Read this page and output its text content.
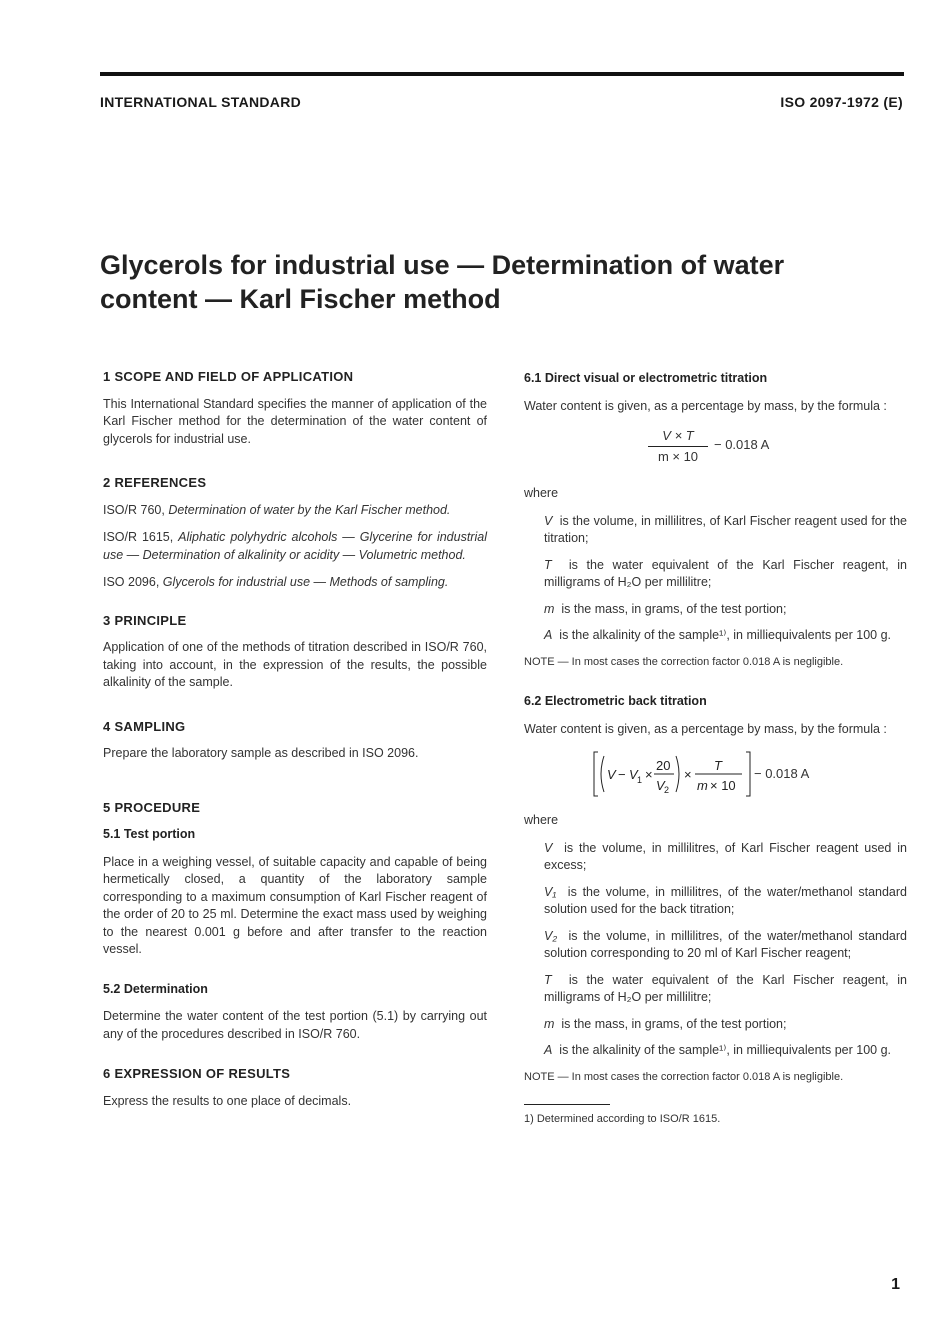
INTERNATIONAL STANDARD	ISO 2097-1972 (E)
Glycerols for industrial use — Determination of water content — Karl Fischer method
1 SCOPE AND FIELD OF APPLICATION

This International Standard specifies the manner of application of the Karl Fischer method for the determination of the water content of glycerols for industrial use.

2 REFERENCES

ISO/R 760, Determination of water by the Karl Fischer method.

ISO/R 1615, Aliphatic polyhydric alcohols — Glycerine for industrial use — Determination of alkalinity or acidity — Volumetric method.

ISO 2096, Glycerols for industrial use — Methods of sampling.

3 PRINCIPLE

Application of one of the methods of titration described in ISO/R 760, taking into account, in the expression of the results, the possible alkalinity of the sample.

4 SAMPLING

Prepare the laboratory sample as described in ISO 2096.

5 PROCEDURE
5.1 Test portion

Place in a weighing vessel, of suitable capacity and capable of being hermetically closed, a quantity of the laboratory sample corresponding to a maximum consumption of Karl Fischer reagent of the order of 20 to 25 ml. Determine the exact mass used by weighing to the nearest 0.001 g before and after transfer to the reaction vessel.

5.2 Determination

Determine the water content of the test portion (5.1) by carrying out any of the procedures described in ISO/R 760.

6 EXPRESSION OF RESULTS

Express the results to one place of decimals.

6.1 Direct visual or electrometric titration

Water content is given, as a percentage by mass, by the formula :

$\frac{V \times T}{m \times 10} - 0.018$ A

where

V is the volume, in millilitres, of Karl Fischer reagent used for the titration;

T is the water equivalent of the Karl Fischer reagent, in milligrams of H₂O per millilitre;

m is the mass, in grams, of the test portion;

A is the alkalinity of the sample¹⁾, in milliequivalents per 100 g.

NOTE — In most cases the correction factor 0.018 A is negligible.

6.2 Electrometric back titration

Water content is given, as a percentage by mass, by the formula :

V − V 1 ×
20
V 2
×
T
m × 10
− 0.018 A

where

V is the volume, in millilitres, of Karl Fischer reagent used in excess;

V₁ is the volume, in millilitres, of the water/methanol standard solution used for the back titration;

V₂ is the volume, in millilitres, of the water/methanol standard solution corresponding to 20 ml of Karl Fischer reagent;

T is the water equivalent of the Karl Fischer reagent, in milligrams of H₂O per millilitre;

m is the mass, in grams, of the test portion;

A is the alkalinity of the sample¹⁾, in milliequivalents per 100 g.

NOTE — In most cases the correction factor 0.018 A is negligible.

1) Determined according to ISO/R 1615.

1
